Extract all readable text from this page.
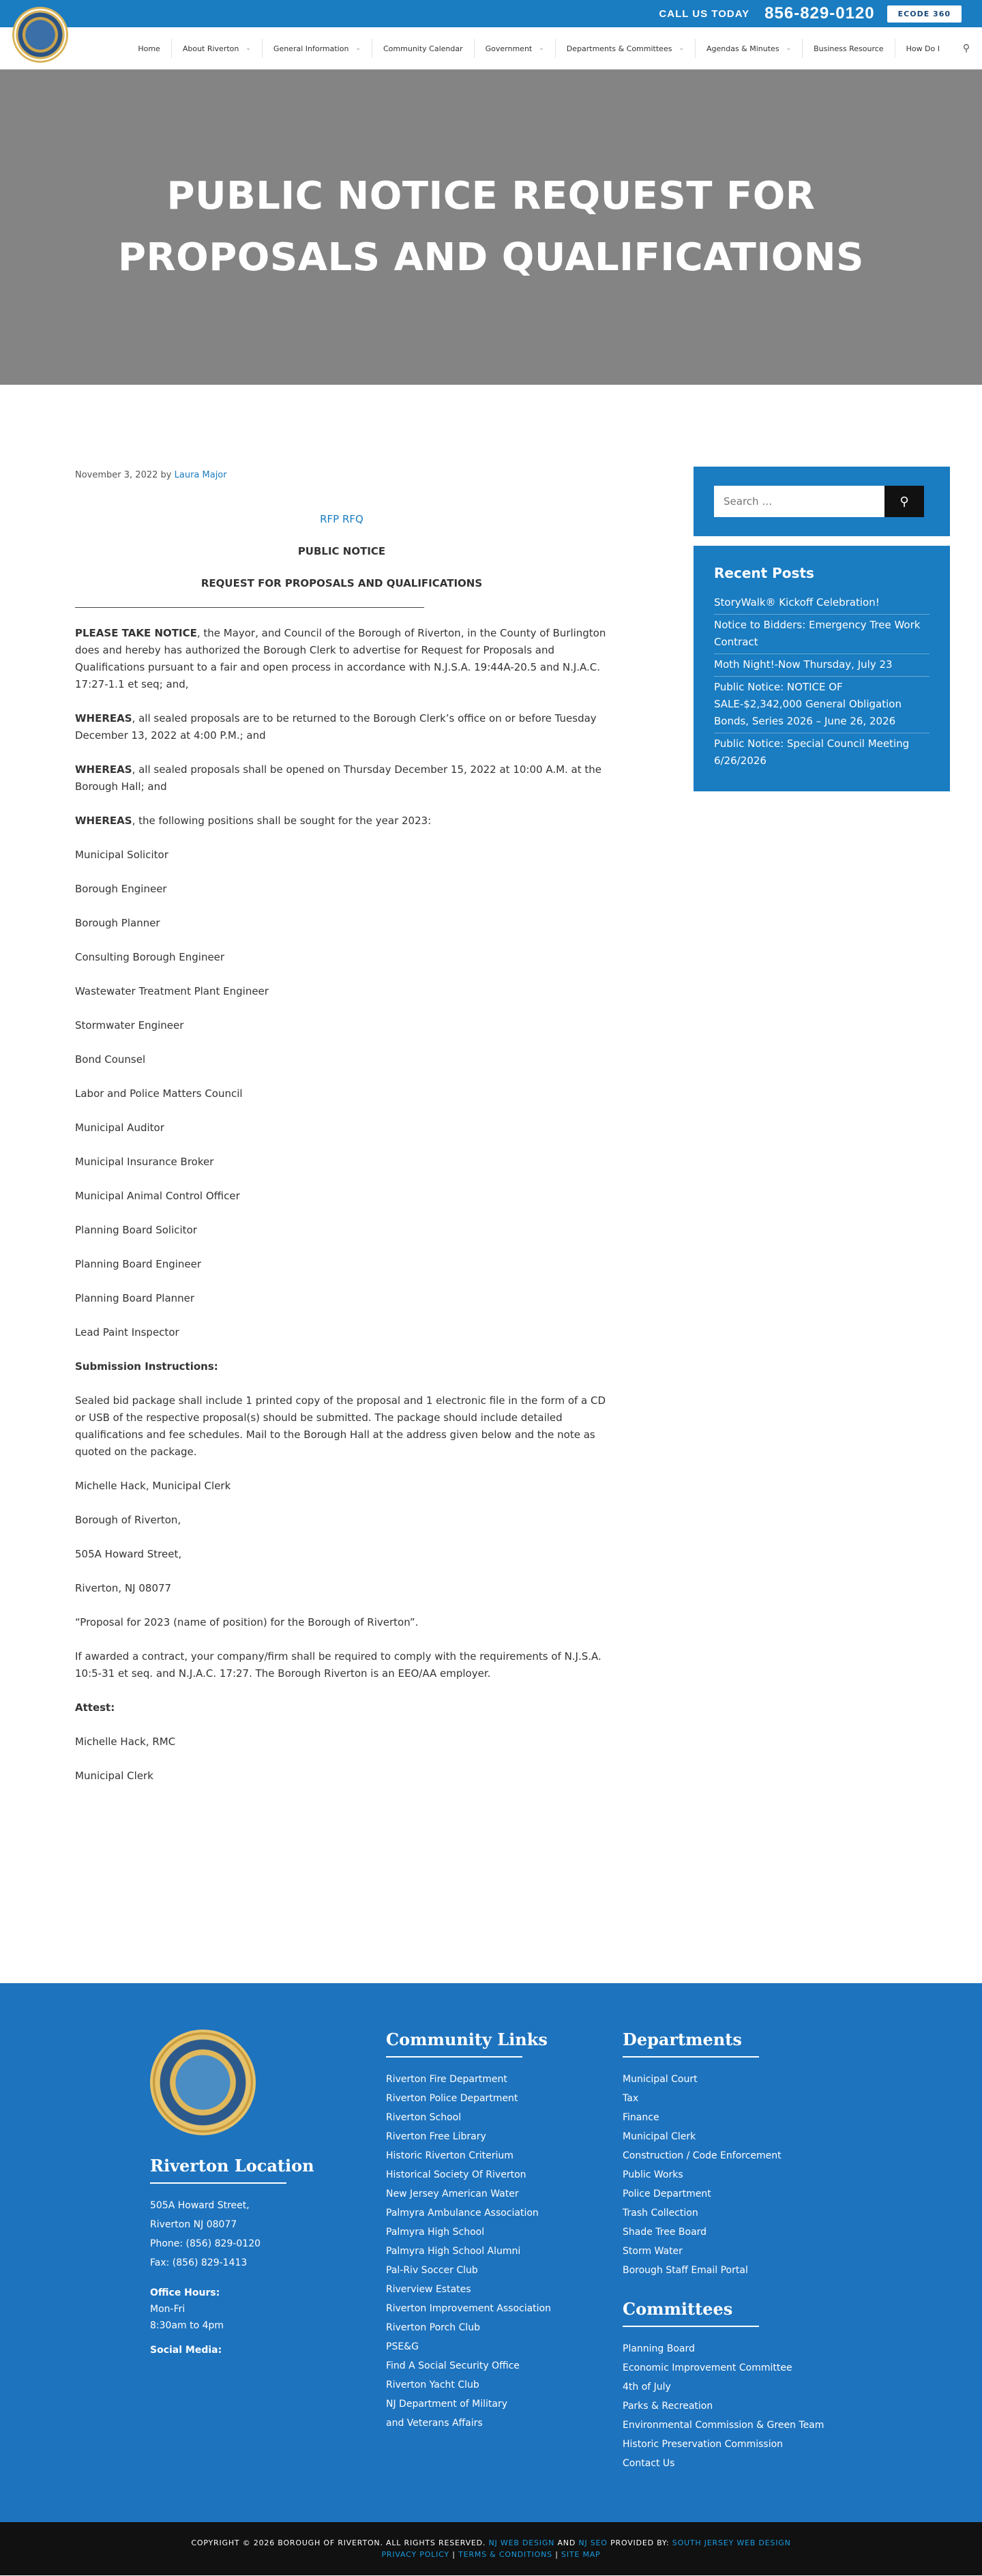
CALL US TODAY 856-829-0120	ECODE 360
Home	About Riverton ⌄	General Information ⌄	Community Calendar	Government ⌄	Departments & Committees ⌄	Agendas & Minutes ⌄	Business Resource	How Do I	⚲
PUBLIC NOTICE REQUEST FOR PROPOSALS AND QUALIFICATIONS
November 3, 2022 by Laura Major
RFP RFQ
PUBLIC NOTICE
REQUEST FOR PROPOSALS AND QUALIFICATIONS

PLEASE TAKE NOTICE, the Mayor, and Council of the Borough of Riverton, in the County of Burlington does and hereby has authorized the Borough Clerk to advertise for Request for Proposals and Qualifications pursuant to a fair and open process in accordance with N.J.S.A. 19:44A-20.5 and N.J.A.C. 17:27-1.1 et seq; and,

WHEREAS, all sealed proposals are to be returned to the Borough Clerk’s office on or before Tuesday December 13, 2022 at 4:00 P.M.; and

WHEREAS, all sealed proposals shall be opened on Thursday December 15, 2022 at 10:00 A.M. at the Borough Hall; and

WHEREAS, the following positions shall be sought for the year 2023:

Municipal Solicitor
Borough Engineer
Borough Planner
Consulting Borough Engineer
Wastewater Treatment Plant Engineer
Stormwater Engineer
Bond Counsel
Labor and Police Matters Council
Municipal Auditor
Municipal Insurance Broker
Municipal Animal Control Officer
Planning Board Solicitor
Planning Board Engineer
Planning Board Planner
Lead Paint Inspector

Submission Instructions:

Sealed bid package shall include 1 printed copy of the proposal and 1 electronic file in the form of a CD or USB of the respective proposal(s) should be submitted. The package should include detailed qualifications and fee schedules. Mail to the Borough Hall at the address given below and the note as quoted on the package.

Michelle Hack, Municipal Clerk

Borough of Riverton,

505A Howard Street,

Riverton, NJ 08077

“Proposal for 2023 (name of position) for the Borough of Riverton”.

If awarded a contract, your company/firm shall be required to comply with the requirements of N.J.S.A. 10:5-31 et seq. and N.J.A.C. 17:27. The Borough Riverton is an EEO/AA employer.

Attest:

Michelle Hack, RMC

Municipal Clerk

Search …
⚲
Recent Posts
StoryWalk® Kickoff Celebration!
Notice to Bidders: Emergency Tree Work Contract
Moth Night!-Now Thursday, July 23
Public Notice: NOTICE OF SALE-$2,342,000 General Obligation Bonds, Series 2026 – June 26, 2026
Public Notice: Special Council Meeting 6/26/2026
Riverton Location
505A Howard Street,
Riverton NJ 08077
Phone: (856) 829-0120
Fax: (856) 829-1413
Office Hours:
Mon-Fri
8:30am to 4pm
Social Media:
Community Links
Riverton Fire Department
Riverton Police Department
Riverton School
Riverton Free Library
Historic Riverton Criterium
Historical Society Of Riverton
New Jersey American Water
Palmyra Ambulance Association
Palmyra High School
Palmyra High School Alumni
Pal-Riv Soccer Club
Riverview Estates
Riverton Improvement Association
Riverton Porch Club
PSE&G
Find A Social Security Office
Riverton Yacht Club
NJ Department of Military
and Veterans Affairs
Departments
Municipal Court
Tax
Finance
Municipal Clerk
Construction / Code Enforcement
Public Works
Police Department
Trash Collection
Shade Tree Board
Storm Water
Borough Staff Email Portal
Committees
Planning Board
Economic Improvement Committee
4th of July
Parks & Recreation
Environmental Commission & Green Team
Historic Preservation Commission
Contact Us
COPYRIGHT © 2026 BOROUGH OF RIVERTON. ALL RIGHTS RESERVED. NJ WEB DESIGN AND NJ SEO PROVIDED BY: SOUTH JERSEY WEB DESIGN
PRIVACY POLICY | TERMS & CONDITIONS | SITE MAP
